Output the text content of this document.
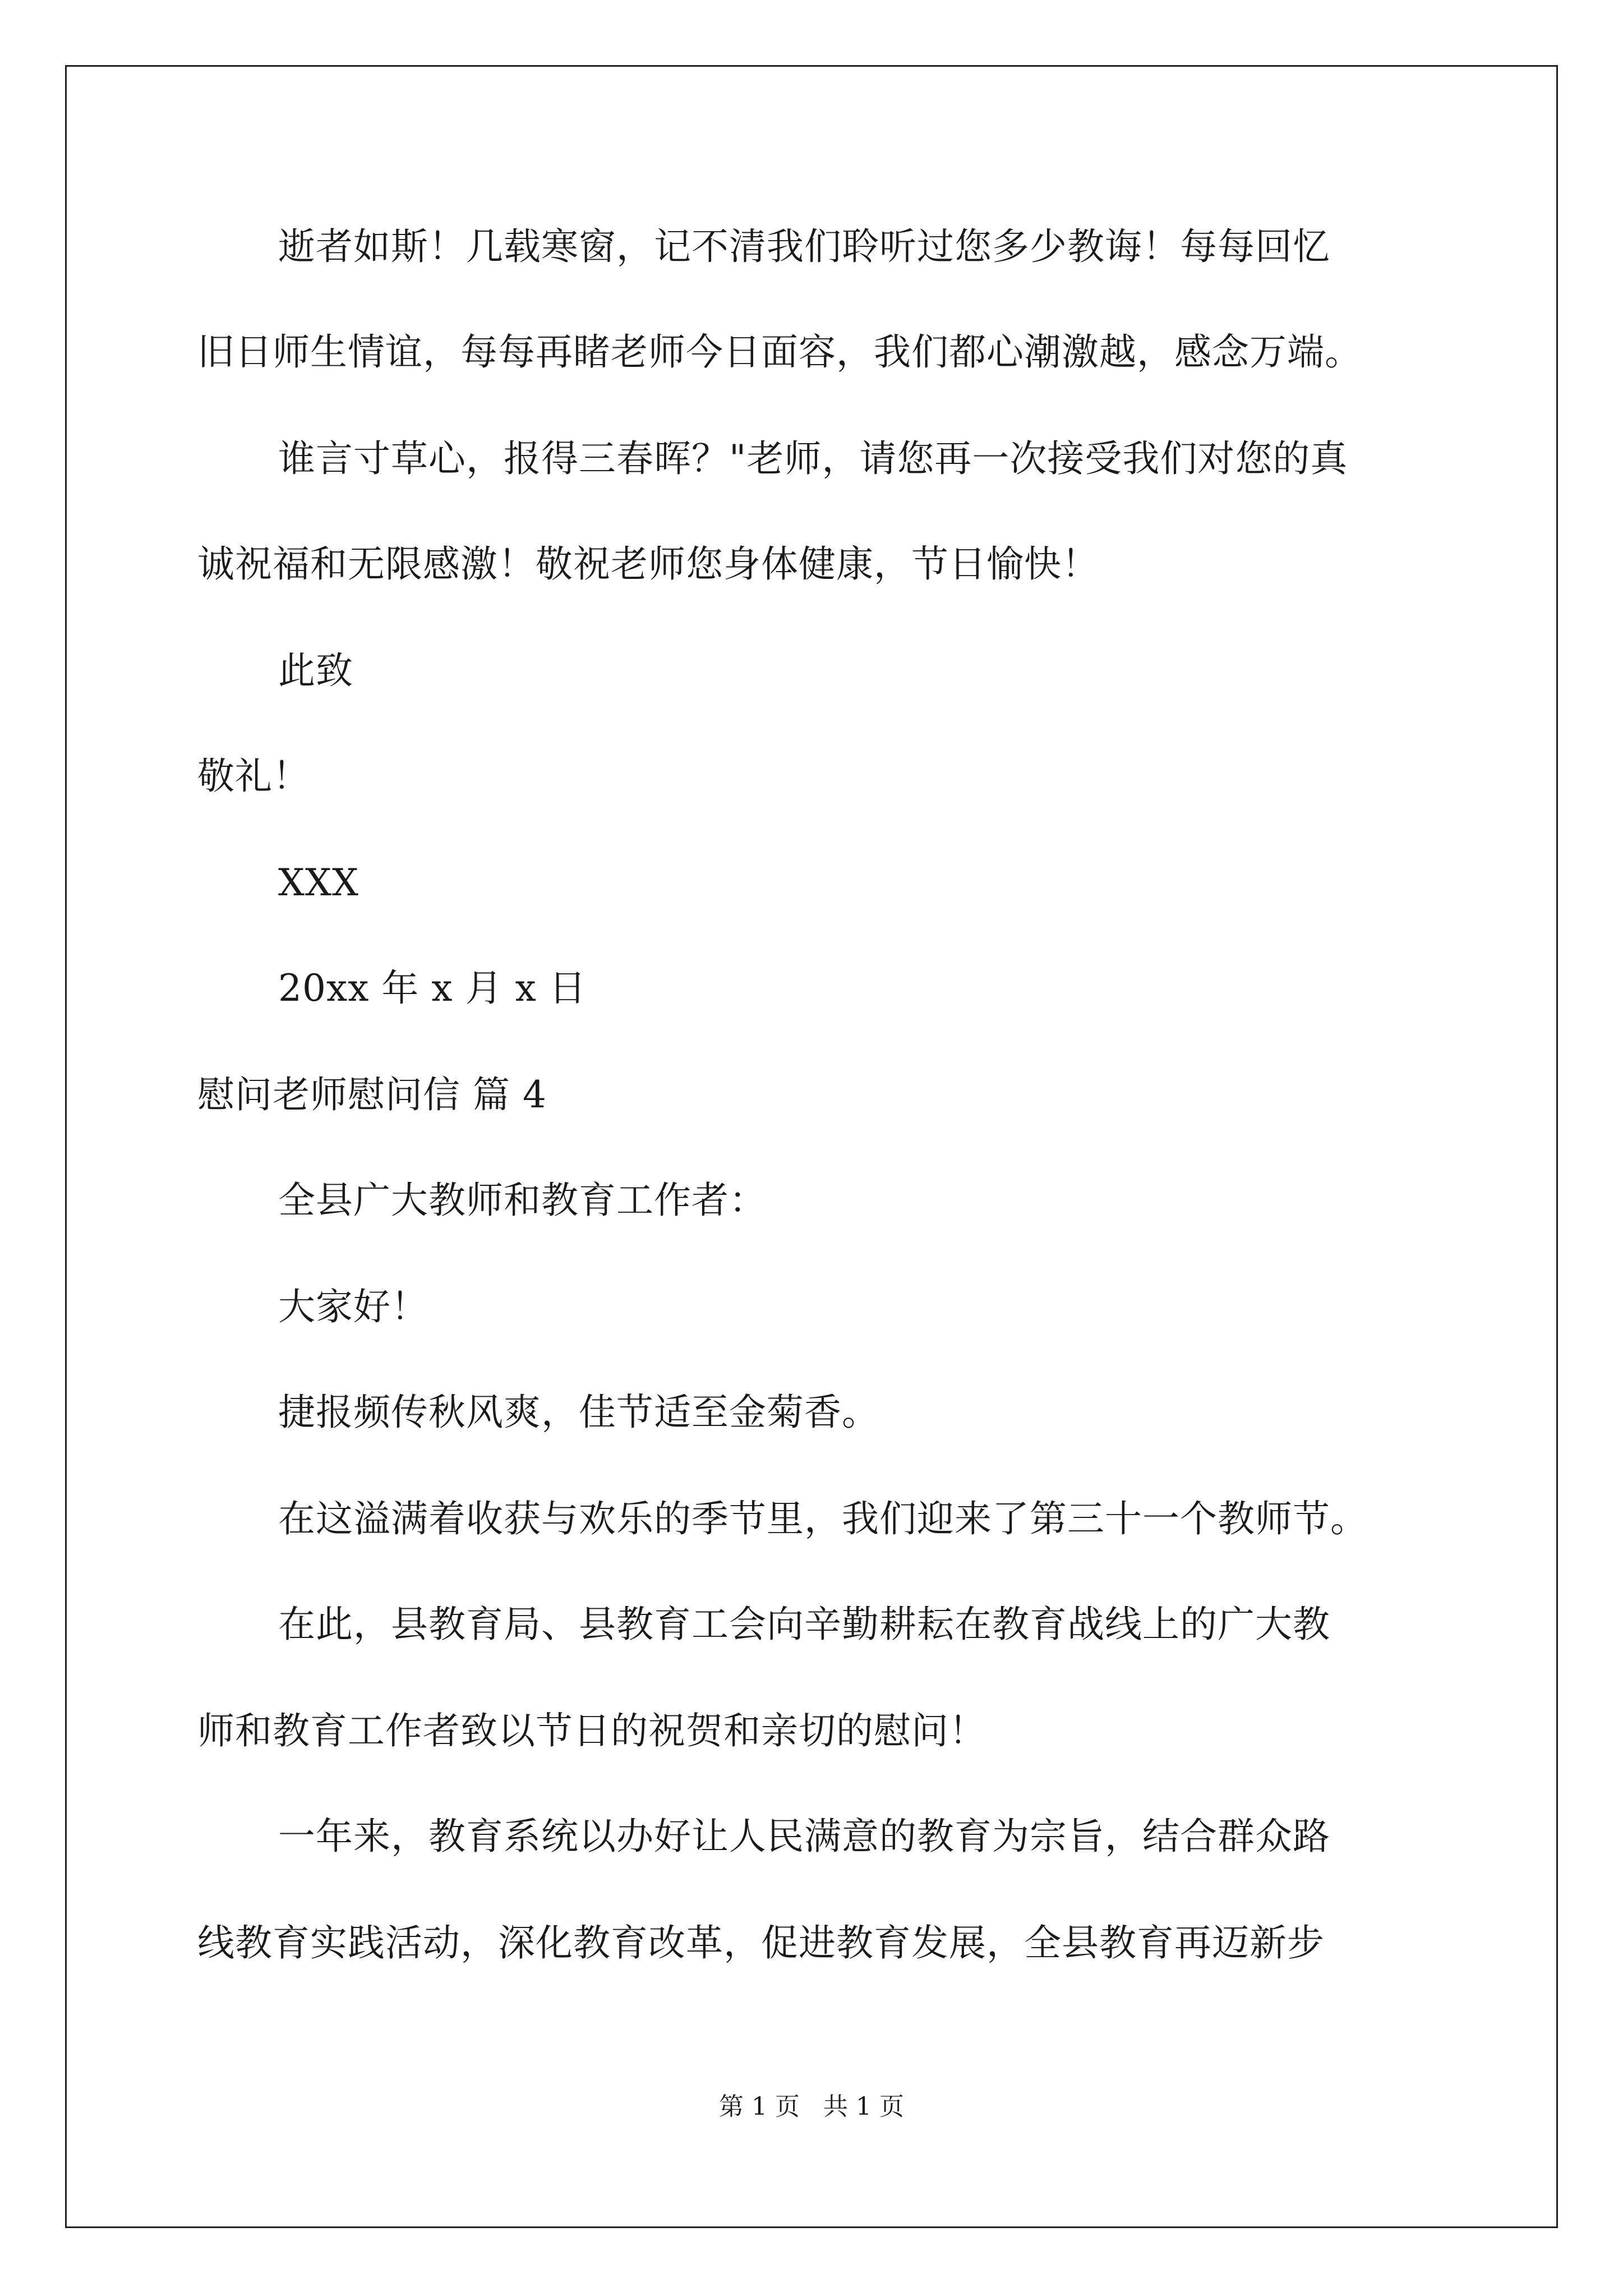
逝者如斯！几载寒窗，记不清我们聆听过您多少教诲！每每回忆
旧日师生情谊，每每再睹老师今日面容，我们都心潮激越，感念万端。
谁言寸草心，报得三春晖？"老师，请您再一次接受我们对您的真
诚祝福和无限感激！敬祝老师您身体健康，节日愉快！
此致
敬礼！
XXX
20xx 年 x 月 x 日
慰问老师慰问信 篇 4
全县广大教师和教育工作者：
大家好！
捷报频传秋风爽，佳节适至金菊香。
在这溢满着收获与欢乐的季节里，我们迎来了第三十一个教师节。
在此，县教育局、县教育工会向辛勤耕耘在教育战线上的广大教
师和教育工作者致以节日的祝贺和亲切的慰问！
一年来，教育系统以办好让人民满意的教育为宗旨，结合群众路
线教育实践活动，深化教育改革，促进教育发展，全县教育再迈新步
第 1 页   共 1 页
